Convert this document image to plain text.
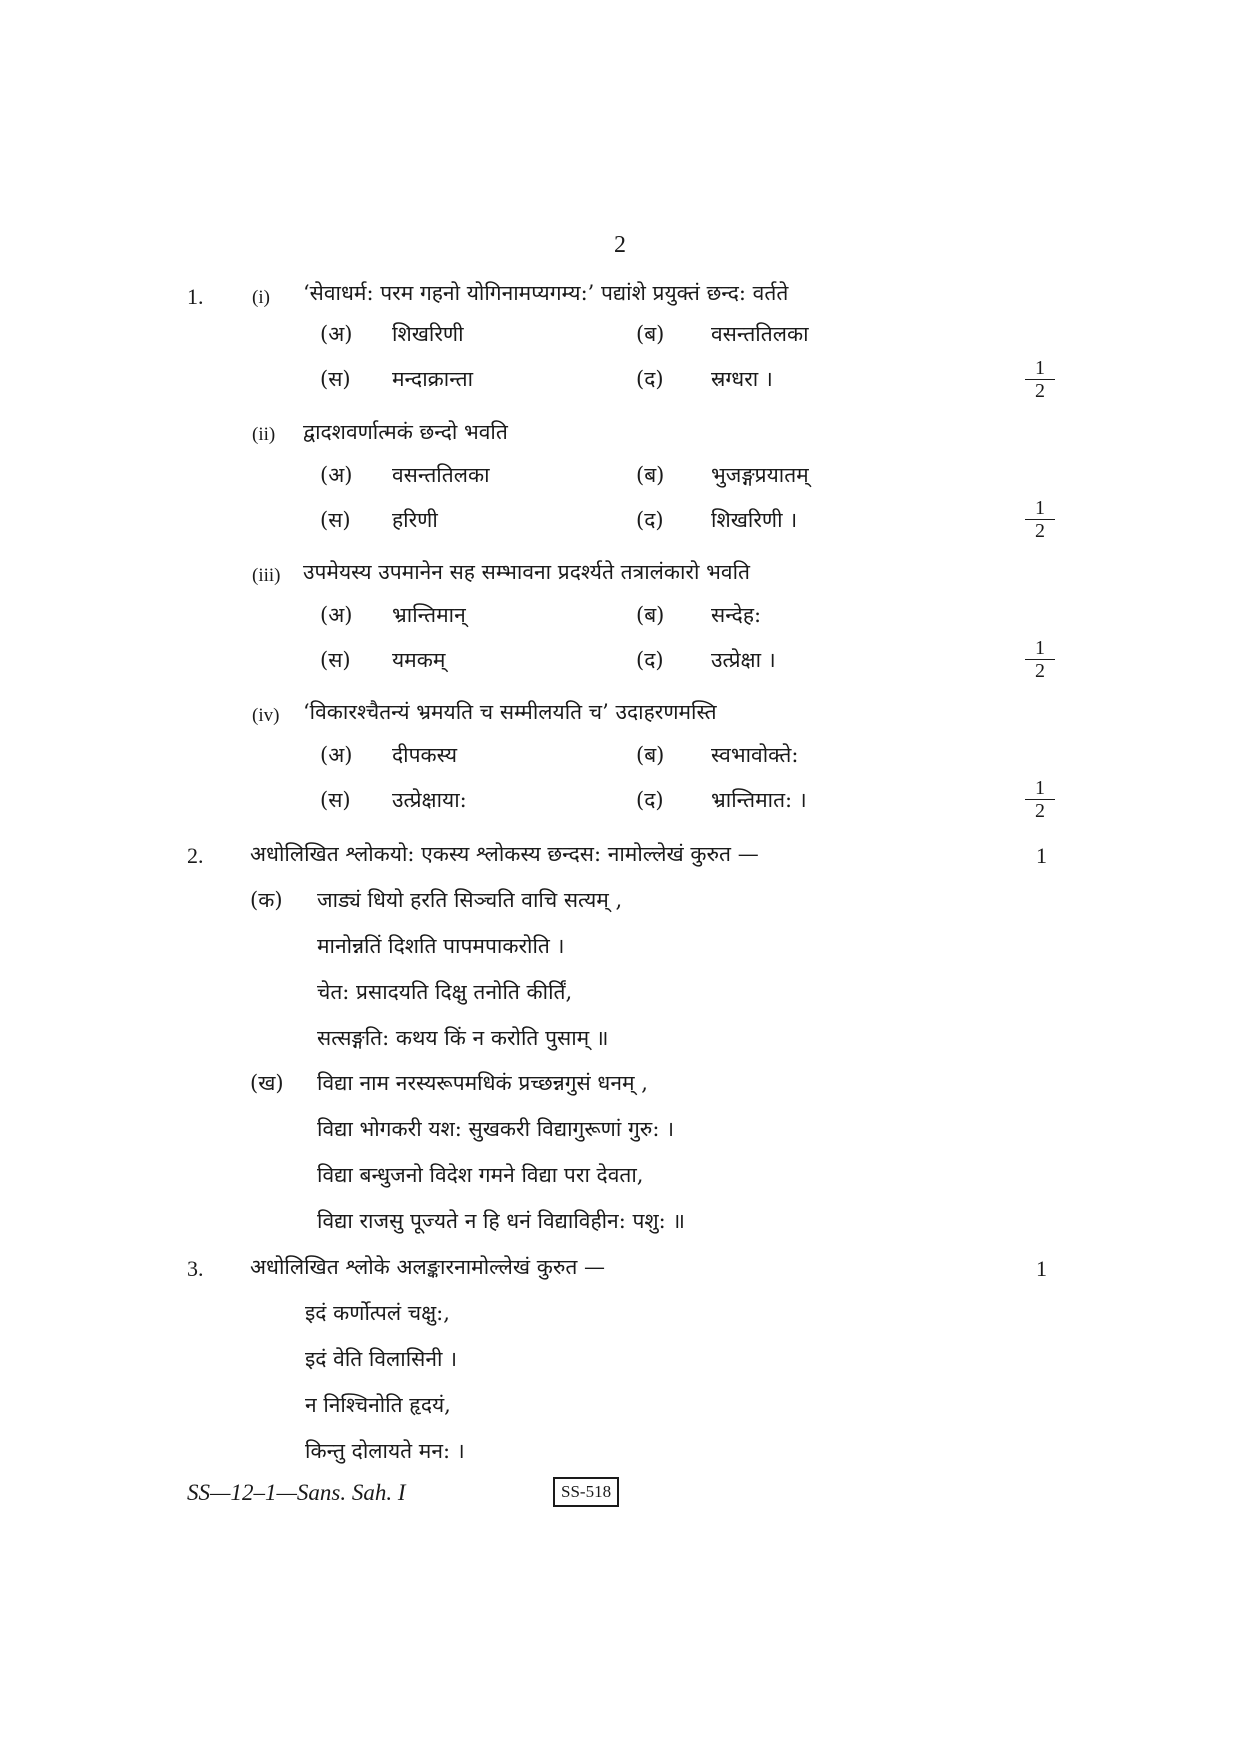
2
1.	(i) ‘सेवाधर्म: परम गहनो योगिनामप्यगम्य:’ पद्यांशे प्रयुक्तं छन्द: वर्तते
(अ) शिखरिणी	(ब) वसन्ततिलका
(स) मन्दाक्रान्ता	(द) स्रग्धरा ।	$\frac{1}{2}$
(ii) द्वादशवर्णात्मकं छन्दो भवति
(अ) वसन्ततिलका	(ब) भुजङ्गप्रयातम्
(स) हरिणी	(द) शिखरिणी ।	$\frac{1}{2}$
(iii) उपमेयस्य उपमानेन सह सम्भावना प्रदर्श्यते तत्रालंकारो भवति
(अ) भ्रान्तिमान्	(ब) सन्देह:
(स) यमकम्	(द) उत्प्रेक्षा ।	$\frac{1}{2}$
(iv) ‘विकारश्चैतन्यं भ्रमयति च सम्मीलयति च’ उदाहरणमस्ति
(अ) दीपकस्य	(ब) स्वभावोक्ते:
(स) उत्प्रेक्षाया:	(द) भ्रान्तिमात: ।	$\frac{1}{2}$
2. अधोलिखित श्लोकयो: एकस्य श्लोकस्य छन्दस: नामोल्लेखं कुरुत —	1
(क) जाड्यं धियो हरति सिञ्चति वाचि सत्यम् ,
मानोन्नतिं दिशति पापमपाकरोति ।
चेत: प्रसादयति दिक्षु तनोति कीर्तिं,
सत्सङ्गति: कथय किं न करोति पुसाम् ॥
(ख) विद्या नाम नरस्यरूपमधिकं प्रच्छन्नगुसं धनम् ,
विद्या भोगकरी यश: सुखकरी विद्यागुरूणां गुरु: ।
विद्या बन्धुजनो विदेश गमने विद्या परा देवता,
विद्या राजसु पूज्यते न हि धनं विद्याविहीन: पशु: ॥
3. अधोलिखित श्लोके अलङ्कारनामोल्लेखं कुरुत —	1
इदं कर्णोत्पलं चक्षु:,
इदं वेति विलासिनी ।
न निश्चिनोति हृदयं,
किन्तु दोलायते मन: ।
SS—12–1—Sans. Sah. I	SS-518
